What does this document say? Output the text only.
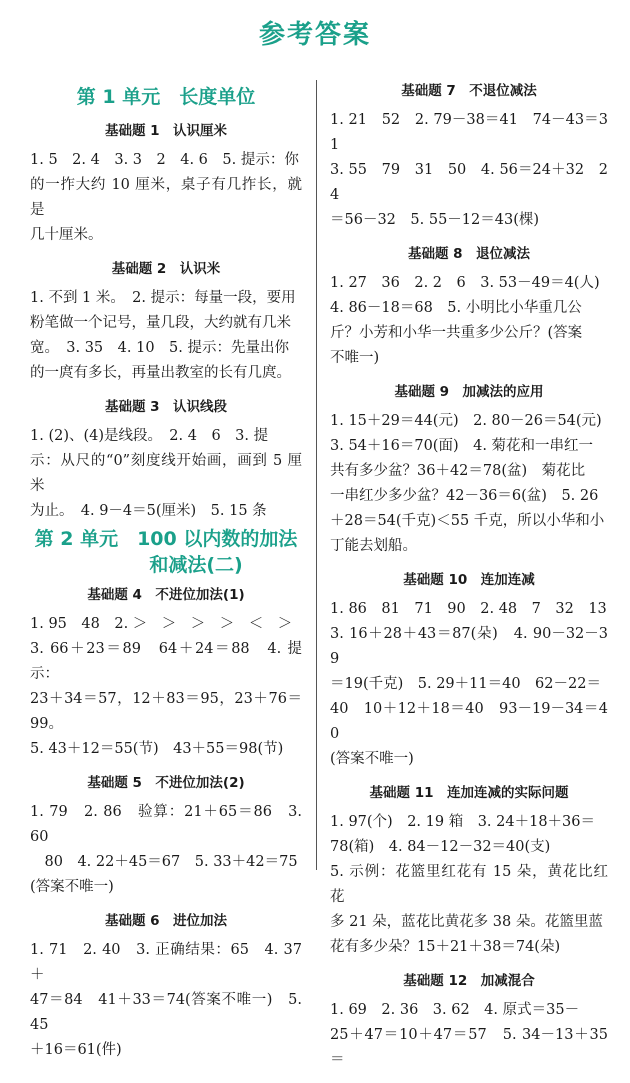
参考答案
第 1 单元　长度单位
基础题 1　认识厘米

1. 5　2. 4　3. 3　2　4. 6　5. 提示：你

的一拃大约 10 厘米，桌子有几拃长，就是

几十厘米。

基础题 2　认识米

1. 不到 1 米。　2. 提示：每量一段，要用

粉笔做一个记号，量几段，大约就有几米

宽。　3. 35　4. 10　5. 提示：先量出你

的一庹有多长，再量出教室的长有几庹。

基础题 3　认识线段

1. (2)、(4)是线段。　2. 4　6　3. 提

示：从尺的“0”刻度线开始画，画到 5 厘米

为止。　4. 9－4＝5(厘米)　5. 15 条

第 2 单元　100 以内数的加法
和减法(二)
基础题 4　不进位加法(1)

1. 95　48　2. ＞　＞　＞　＞　＜　＞

3. 66＋23＝89　64＋24＝88　4. 提示：

23＋34＝57，12＋83＝95，23＋76＝99。

5. 43＋12＝55(节)　43＋55＝98(节)

基础题 5　不进位加法(2)

1. 79　2. 86　验算：21＋65＝86　3. 60

　80　4. 22＋45＝67　5. 33＋42＝75

(答案不唯一)

基础题 6　进位加法

1. 71　2. 40　3. 正确结果：65　4. 37＋

47＝84　41＋33＝74(答案不唯一)　5. 45

＋16＝61(件)

基础题 7　不退位减法

1. 21　52　2. 79－38＝41　74－43＝31

3. 55　79　31　50　4. 56＝24＋32　24

＝56－32　5. 55－12＝43(棵)

基础题 8　退位减法

1. 27　36　2. 2　6　3. 53－49＝4(人)

4. 86－18＝68　5. 小明比小华重几公

斤？小芳和小华一共重多少公斤？(答案

不唯一)

基础题 9　加减法的应用

1. 15＋29＝44(元)　2. 80－26＝54(元)

3. 54＋16＝70(面)　4. 菊花和一串红一

共有多少盆？36＋42＝78(盆)　菊花比

一串红少多少盆？42－36＝6(盆)　5. 26

＋28＝54(千克)＜55 千克，所以小华和小

丁能去划船。

基础题 10　连加连减

1. 86　81　71　90　2. 48　7　32　13

3. 16＋28＋43＝87(朵)　4. 90－32－39

＝19(千克)　5. 29＋11＝40　62－22＝

40　10＋12＋18＝40　93－19－34＝40

(答案不唯一)

基础题 11　连加连减的实际问题

1. 97(个)　2. 19 箱　3. 24＋18＋36＝

78(箱)　4. 84－12－32＝40(支)

5. 示例：花篮里红花有 15 朵，黄花比红花

多 21 朵，蓝花比黄花多 38 朵。花篮里蓝

花有多少朵？15＋21＋38＝74(朵)

基础题 12　加减混合

1. 69　2. 36　3. 62　4. 原式＝35－

25＋47＝10＋47＝57　5. 34－13＋35＝
